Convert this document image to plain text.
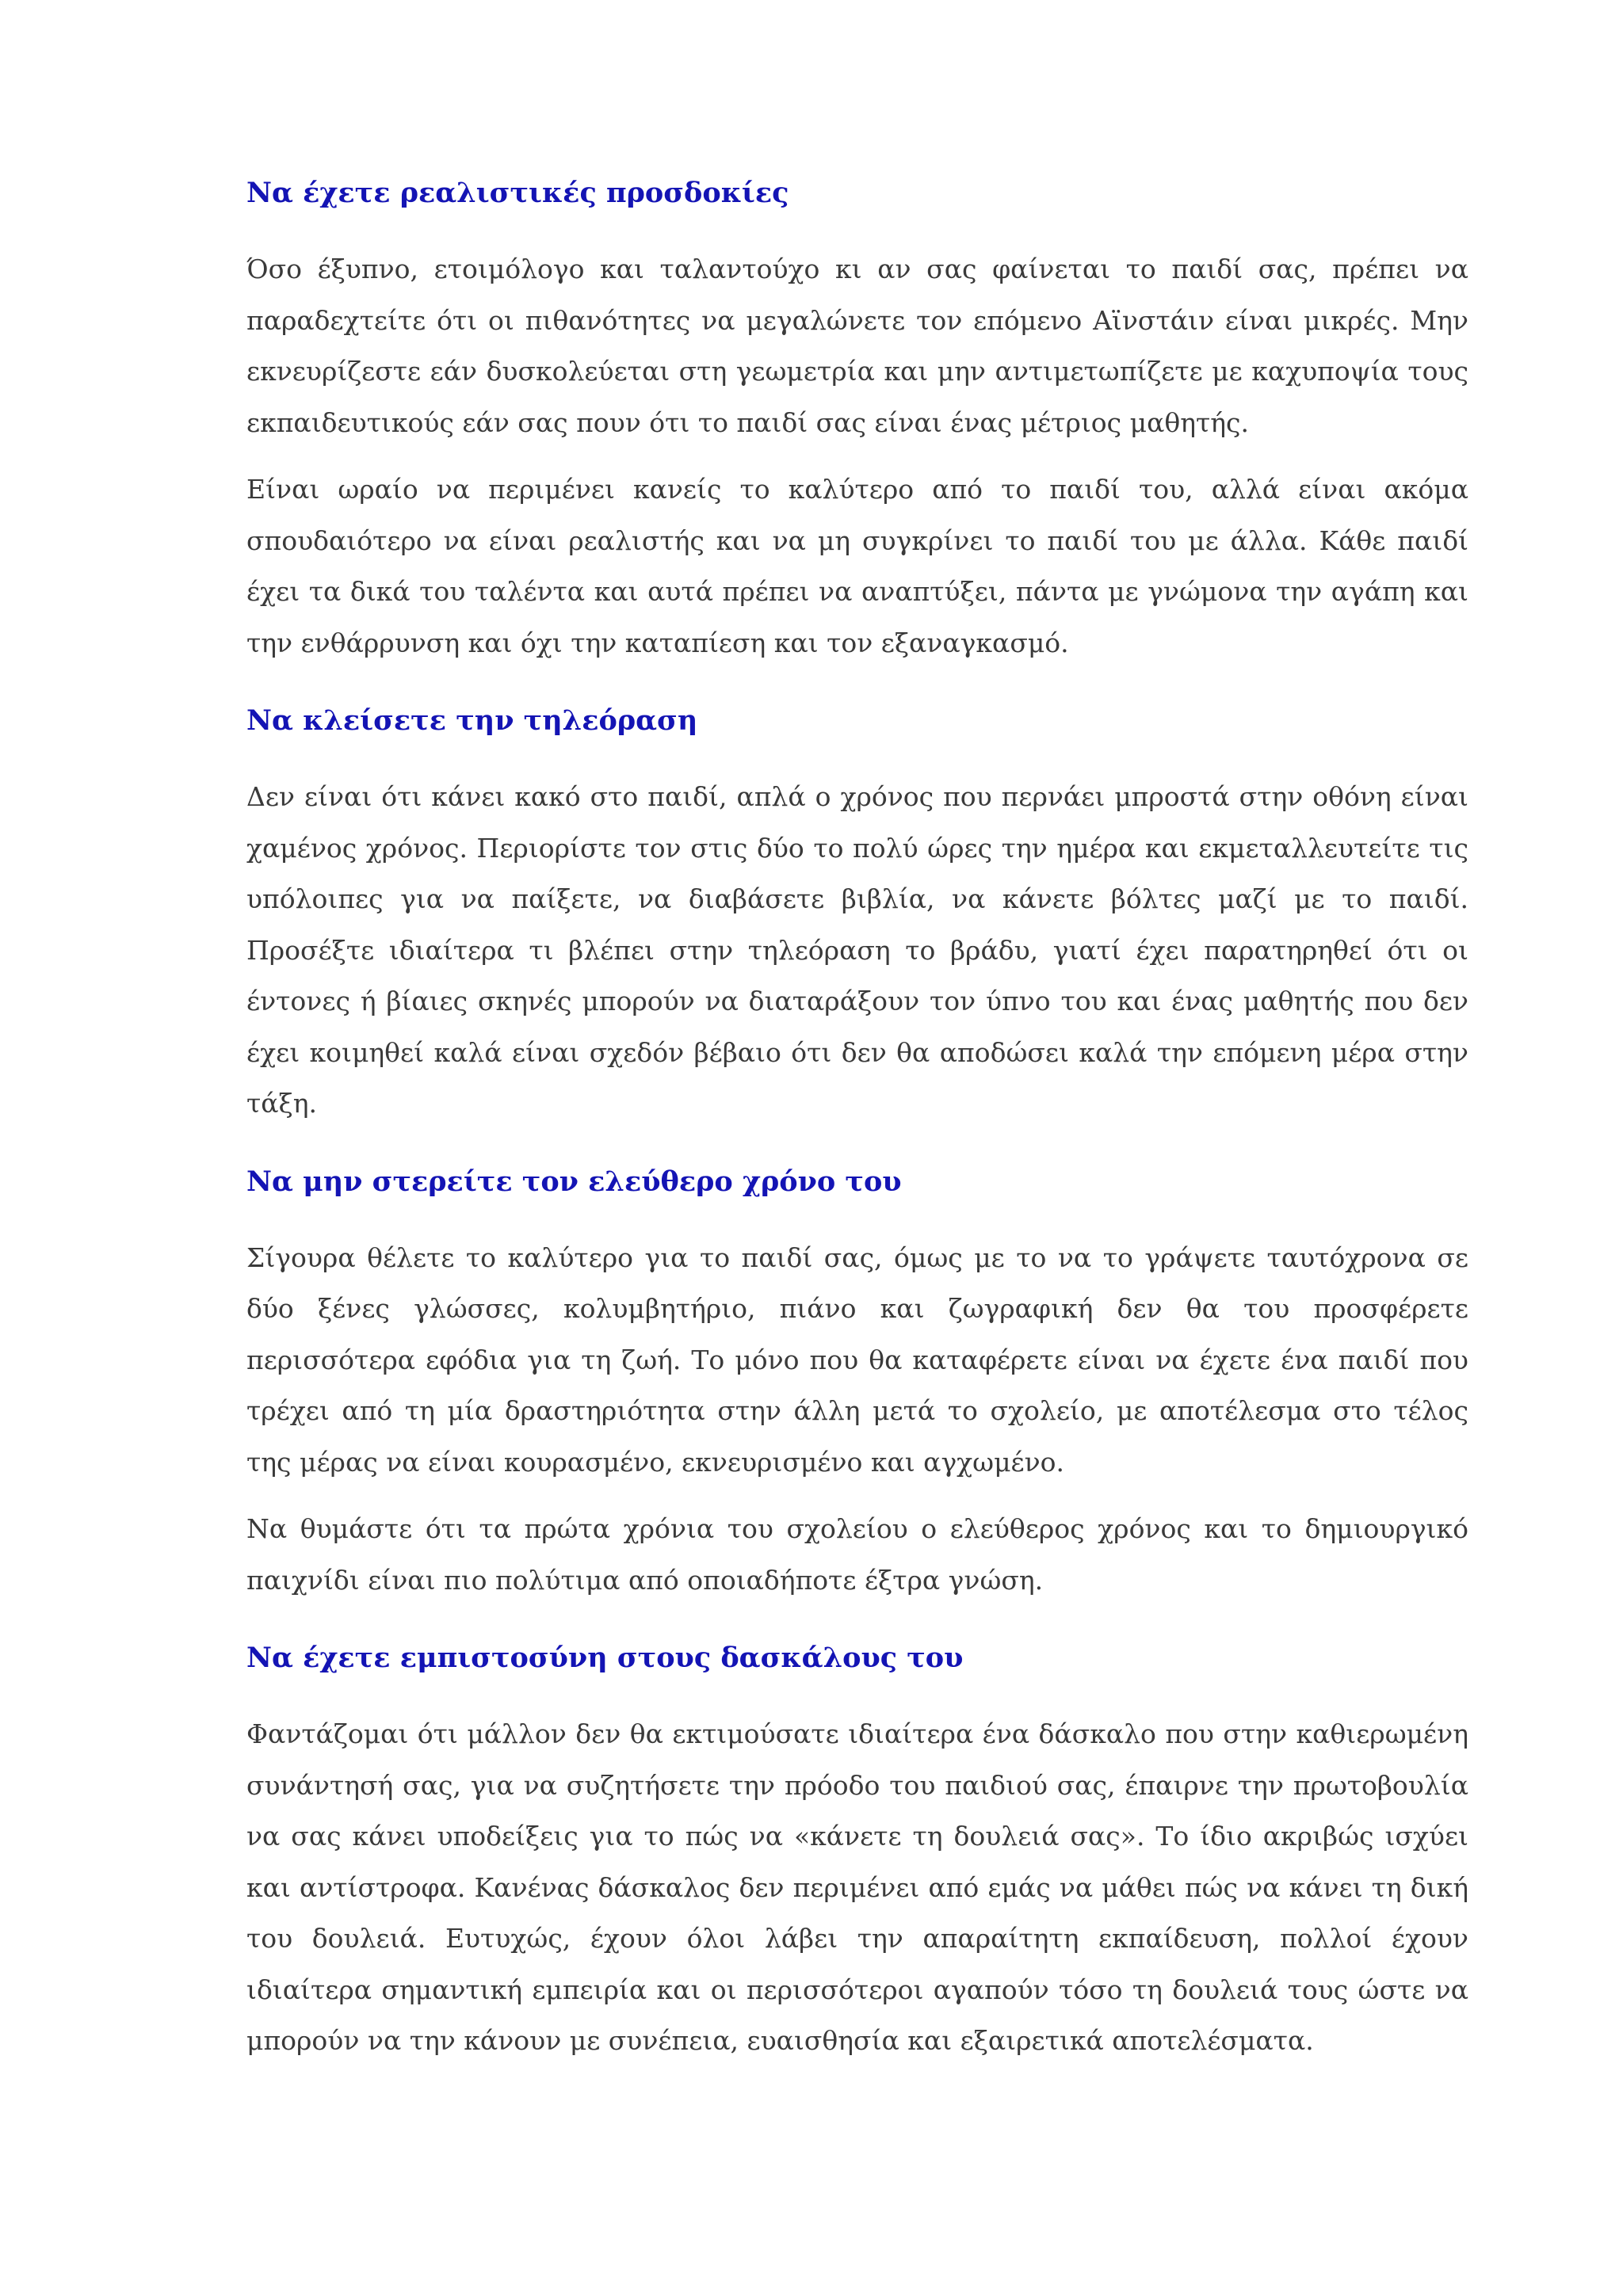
Να έχετε ρεαλιστικές προσδοκίες

Όσο έξυπνο, ετοιμόλογο και ταλαντούχο κι αν σας φαίνεται το παιδί σας, πρέπει να παραδεχτείτε ότι οι πιθανότητες να μεγαλώνετε τον επόμενο Αϊνστάιν είναι μικρές. Μην εκνευρίζεστε εάν δυσκολεύεται στη γεωμετρία και μην αντιμετωπίζετε με καχυποψία τους εκπαιδευτικούς εάν σας πουν ότι το παιδί σας είναι ένας μέτριος μαθητής.

Είναι ωραίο να περιμένει κανείς το καλύτερο από το παιδί του, αλλά είναι ακόμα σπουδαιότερο να είναι ρεαλιστής και να μη συγκρίνει το παιδί του με άλλα. Κάθε παιδί έχει τα δικά του ταλέντα και αυτά πρέπει να αναπτύξει, πάντα με γνώμονα την αγάπη και την ενθάρρυνση και όχι την καταπίεση και τον εξαναγκασμό.

Να κλείσετε την τηλεόραση

Δεν είναι ότι κάνει κακό στο παιδί, απλά ο χρόνος που περνάει μπροστά στην οθόνη είναι χαμένος χρόνος. Περιορίστε τον στις δύο το πολύ ώρες την ημέρα και εκμεταλλευτείτε τις υπόλοιπες για να παίξετε, να διαβάσετε βιβλία, να κάνετε βόλτες μαζί με το παιδί. Προσέξτε ιδιαίτερα τι βλέπει στην τηλεόραση το βράδυ, γιατί έχει παρατηρηθεί ότι οι έντονες ή βίαιες σκηνές μπορούν να διαταράξουν τον ύπνο του και ένας μαθητής που δεν έχει κοιμηθεί καλά είναι σχεδόν βέβαιο ότι δεν θα αποδώσει καλά την επόμενη μέρα στην τάξη.

Να μην στερείτε τον ελεύθερο χρόνο του

Σίγουρα θέλετε το καλύτερο για το παιδί σας, όμως με το να το γράψετε ταυτόχρονα σε δύο ξένες γλώσσες, κολυμβητήριο, πιάνο και ζωγραφική δεν θα του προσφέρετε περισσότερα εφόδια για τη ζωή. Το μόνο που θα καταφέρετε είναι να έχετε ένα παιδί που τρέχει από τη μία δραστηριότητα στην άλλη μετά το σχολείο, με αποτέλεσμα στο τέλος της μέρας να είναι κουρασμένο, εκνευρισμένο και αγχωμένο.

Να θυμάστε ότι τα πρώτα χρόνια του σχολείου ο ελεύθερος χρόνος και το δημιουργικό παιχνίδι είναι πιο πολύτιμα από οποιαδήποτε έξτρα γνώση.

Να έχετε εμπιστοσύνη στους δασκάλους του

Φαντάζομαι ότι μάλλον δεν θα εκτιμούσατε ιδιαίτερα ένα δάσκαλο που στην καθιερωμένη συνάντησή σας, για να συζητήσετε την πρόοδο του παιδιού σας, έπαιρνε την πρωτοβουλία να σας κάνει υποδείξεις για το πώς να «κάνετε τη δουλειά σας». Το ίδιο ακριβώς ισχύει και αντίστροφα. Κανένας δάσκαλος δεν περιμένει από εμάς να μάθει πώς να κάνει τη δική του δουλειά. Ευτυχώς, έχουν όλοι λάβει την απαραίτητη εκπαίδευση, πολλοί έχουν ιδιαίτερα σημαντική εμπειρία και οι περισσότεροι αγαπούν τόσο τη δουλειά τους ώστε να μπορούν να την κάνουν με συνέπεια, ευαισθησία και εξαιρετικά αποτελέσματα.
